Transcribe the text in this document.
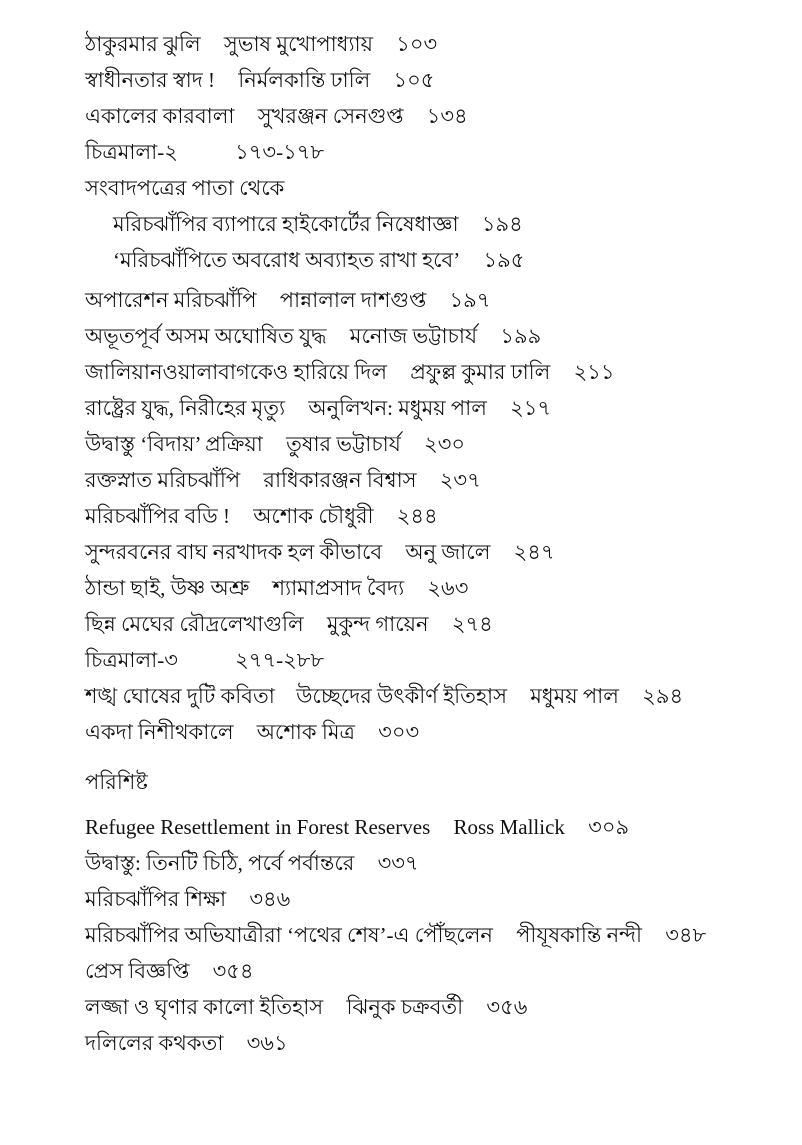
ঠাকুরমার ঝুলি সুভাষ মুখোপাধ্যায় ১০৩
স্বাধীনতার স্বাদ ! নির্মলকান্তি ঢালি ১০৫
একালের কারবালা সুখরঞ্জন সেনগুপ্ত ১৩৪
চিত্রমালা-২	১৭৩-১৭৮
সংবাদপত্রের পাতা থেকে
মরিচঝাঁপির ব্যাপারে হাইকোর্টের নিষেধাজ্ঞা ১৯৪
‘মরিচঝাঁপিতে অবরোধ অব্যাহত রাখা হবে’ ১৯৫
অপারেশন মরিচঝাঁপি পান্নালাল দাশগুপ্ত ১৯৭
অভূতপূর্ব অসম অঘোষিত যুদ্ধ মনোজ ভট্টাচার্য ১৯৯
জালিয়ানওয়ালাবাগকেও হারিয়ে দিল প্রফুল্ল কুমার ঢালি ২১১
রাষ্ট্রের যুদ্ধ, নিরীহের মৃত্যু অনুলিখন: মধুময় পাল ২১৭
উদ্বাস্তু ‘বিদায়’ প্রক্রিয়া তুষার ভট্টাচার্য ২৩০
রক্তস্নাত মরিচঝাঁপি রাধিকারঞ্জন বিশ্বাস ২৩৭
মরিচঝাঁপির বডি ! অশোক চৌধুরী ২৪৪
সুন্দরবনের বাঘ নরখাদক হল কীভাবে অনু জালে ২৪৭
ঠান্ডা ছাই, উষ্ণ অশ্রু শ্যামাপ্রসাদ বৈদ্য ২৬৩
ছিন্ন মেঘের রৌদ্রলেখাগুলি মুকুন্দ গায়েন ২৭৪
চিত্রমালা-৩	২৭৭-২৮৮
শঙ্খ ঘোষের দুটি কবিতা উচ্ছেদের উৎকীর্ণ ইতিহাস মধুময় পাল ২৯৪
একদা নিশীথকালে অশোক মিত্র ৩০৩
পরিশিষ্ট
Refugee Resettlement in Forest Reserves Ross Mallick ৩০৯
উদ্বাস্তু: তিনটি চিঠি, পর্বে পর্বান্তরে ৩৩৭
মরিচঝাঁপির শিক্ষা ৩৪৬
মরিচঝাঁপির অভিযাত্রীরা ‘পথের শেষ’-এ পৌঁছলেন পীযূষকান্তি নন্দী ৩৪৮
প্রেস বিজ্ঞপ্তি ৩৫৪
লজ্জা ও ঘৃণার কালো ইতিহাস ঝিনুক চক্রবর্তী ৩৫৬
দলিলের কথকতা ৩৬১
